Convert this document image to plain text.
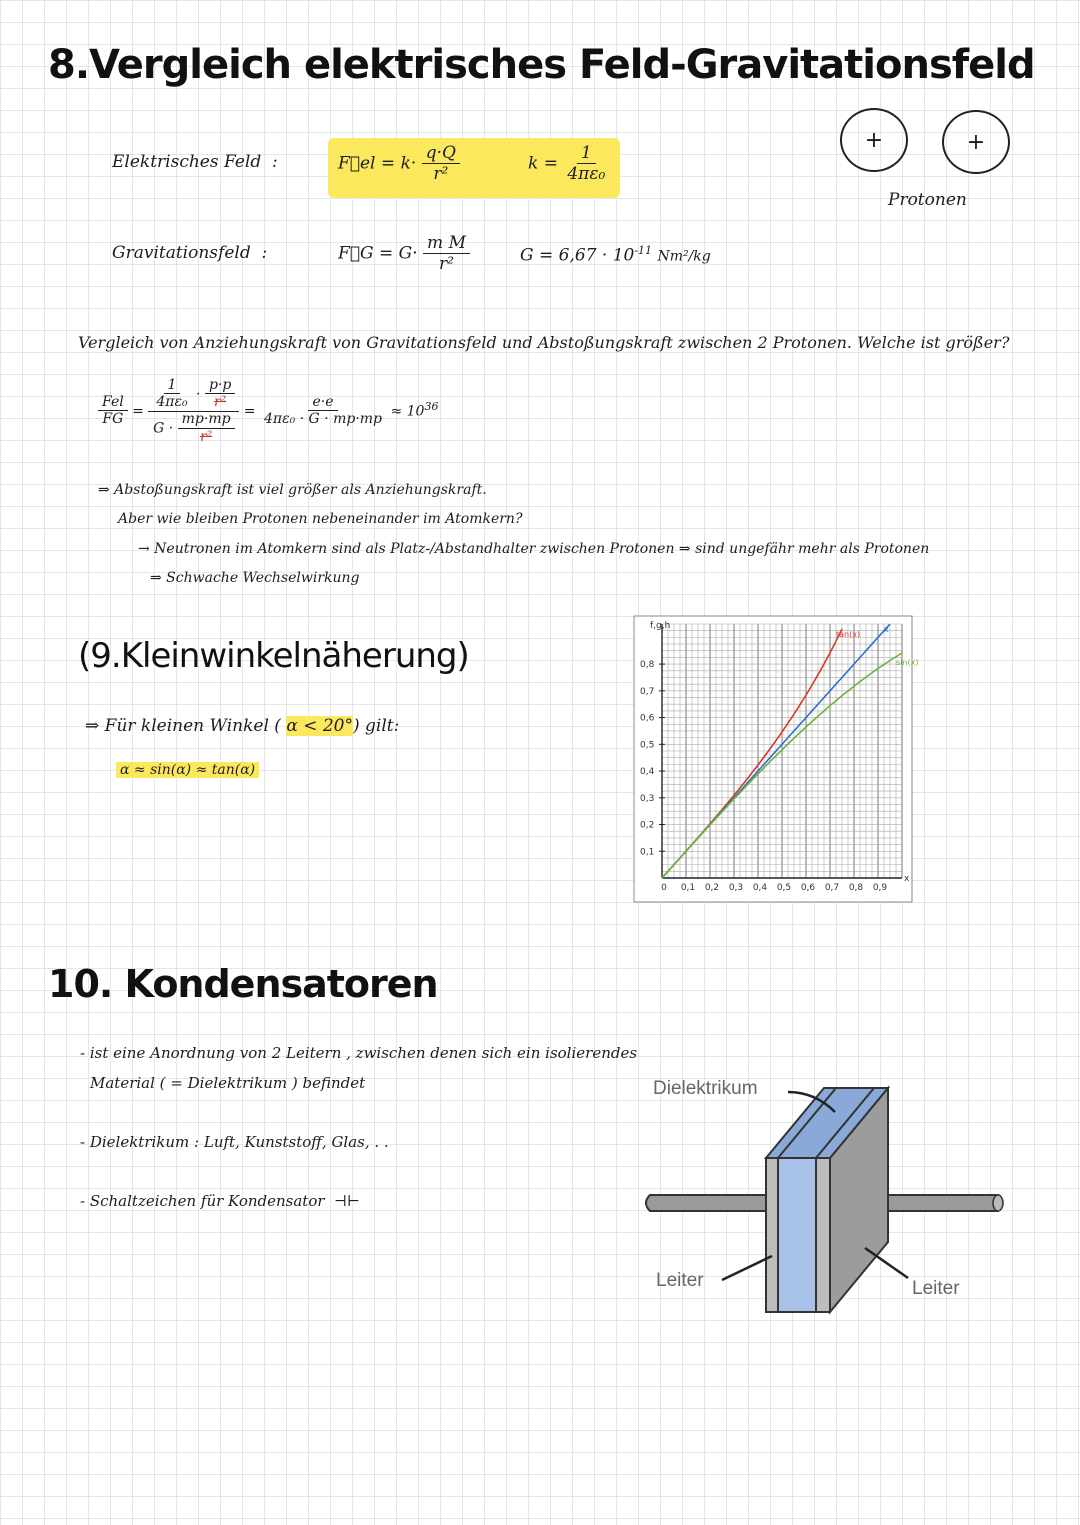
8.Vergleich elektrisches Feld-Gravitationsfeld
Elektrisches Feld :	F⃗el = $k\cdot \frac{q\cdot Q}{\text{r²}}$	$k = \frac{1}{\text{4πε₀}}$
+	+
Protonen
Gravitationsfeld :	F⃗G = $G\cdot \frac{\text{m M}}{\text{r²}}$	$G = 6,67 \cdot 10^{-11}$ Nm²/kg
Vergleich von Anziehungskraft von Gravitationsfeld und Abstoßungskraft zwischen 2 Protonen. Welche ist größer?
$\frac{\text{Fel}}{FG} = \frac{\frac{1}{\text{4πε₀}} \cdot \frac{p\cdot p}{\text{r²}}}{G \cdot \frac{mp\cdot mp}{\text{r²}}} = \frac{e\cdot e}{\text{4πε₀ · G · mp·mp}} \approx 10^{36}$
⇒ Abstoßungskraft ist viel größer als Anziehungskraft.
Aber wie bleiben Protonen nebeneinander im Atomkern?
→ Neutronen im Atomkern sind als Platz-/Abstandhalter zwischen Protonen ⇒ sind ungefähr mehr als Protonen
⇒ Schwache Wechselwirkung
(9.Kleinwinkelnäherung)
⇒ Für kleinen Winkel ( α < 20°) gilt:
α ≈ sin(α) ≈ tan(α)
0 0,1 0,2 0,3 0,4 0,5 0,6 0,7 0,8 0,9
0,1
0,2
0,3
0,4
0,5
0,6
0,7
0,8
f,g,h
x
tan(x)
x
sin(x)
10. Kondensatoren
- ist eine Anordnung von 2 Leitern , zwischen denen sich ein isolierendes
Material ( = Dielektrikum ) befindet
- Dielektrikum : Luft, Kunststoff, Glas, . .
- Schaltzeichen für Kondensator ⊣⊢
Dielektrikum
Leiter	Leiter
